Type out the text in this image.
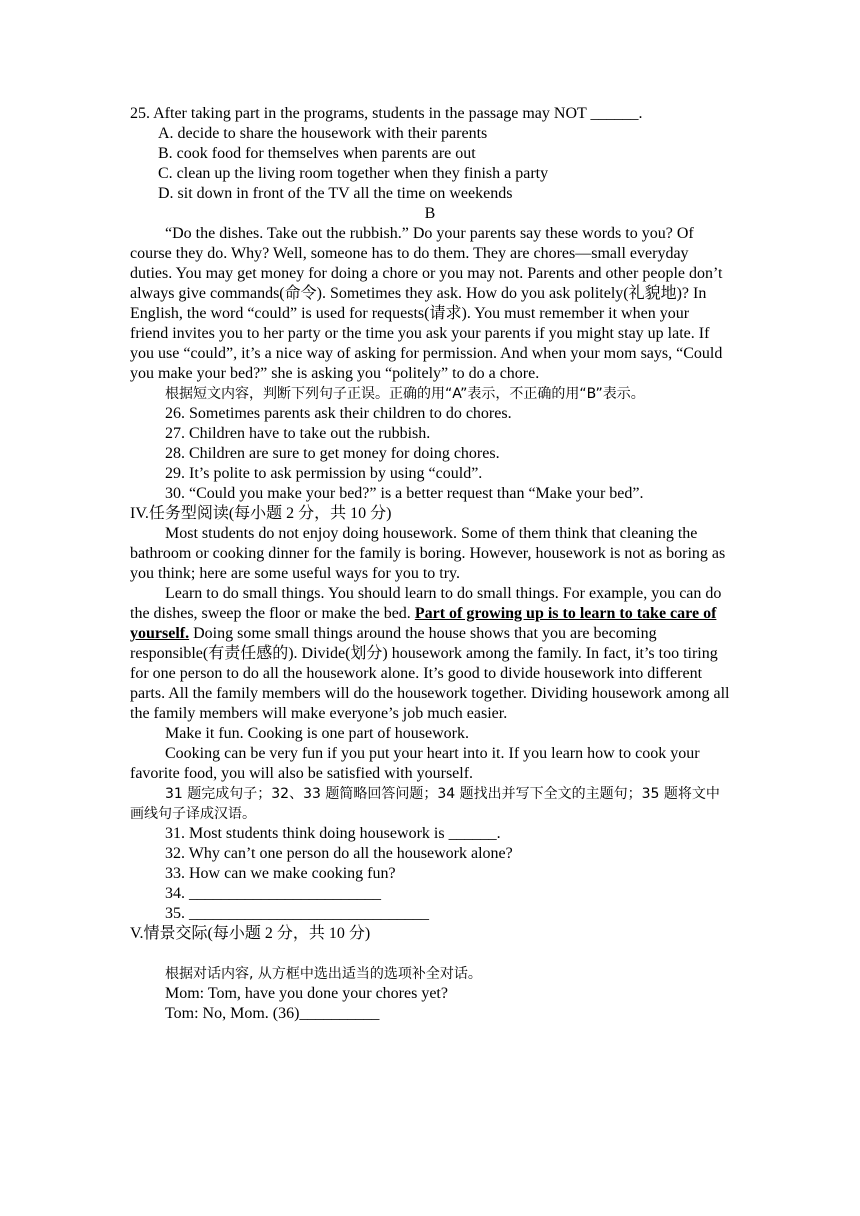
25. After taking part in the programs, students in the passage may NOT ______.
A. decide to share the housework with their parents
B. cook food for themselves when parents are out
C. clean up the living room together when they finish a party
D. sit down in front of the TV all the time on weekends
B
“Do the dishes. Take out the rubbish.” Do your parents say these words to you? Of course they do. Why? Well, someone has to do them. They are chores—small everyday duties. You may get money for doing a chore or you may not. Parents and other people don’t always give commands(命令). Sometimes they ask. How do you ask politely(礼貌地)? In English, the word “could” is used for requests(请求). You must remember it when your friend invites you to her party or the time you ask your parents if you might stay up late. If you use “could”, it’s a nice way of asking for permission. And when your mom says, “Could you make your bed?” she is asking you “politely” to do a chore.
根据短文内容，判断下列句子正误。正确的用“A”表示，不正确的用“B”表示。
26. Sometimes parents ask their children to do chores.
27. Children have to take out the rubbish.
28. Children are sure to get money for doing chores.
29. It’s polite to ask permission by using “could”.
30. “Could you make your bed?” is a better request than “Make your bed”.
IV.任务型阅读(每小题 2 分，共 10 分)
Most students do not enjoy doing housework. Some of them think that cleaning the bathroom or cooking dinner for the family is boring. However, housework is not as boring as you think; here are some useful ways for you to try.
Learn to do small things. You should learn to do small things. For example, you can do the dishes, sweep the floor or make the bed. Part of growing up is to learn to take care of yourself. Doing some small things around the house shows that you are becoming responsible(有责任感的). Divide(划分) housework among the family. In fact, it’s too tiring for one person to do all the housework alone. It’s good to divide housework into different parts. All the family members will do the housework together. Dividing housework among all the family members will make everyone’s job much easier.
Make it fun. Cooking is one part of housework.
Cooking can be very fun if you put your heart into it. If you learn how to cook your favorite food, you will also be satisfied with yourself.
31 题完成句子；32、33 题简略回答问题；34 题找出并写下全文的主题句；35 题将文中画线句子译成汉语。
31. Most students think doing housework is ______.
32. Why can’t one person do all the housework alone?
33. How can we make cooking fun?
34. ________________________
35. ______________________________
V.情景交际(每小题 2 分，共 10 分)
根据对话内容, 从方框中选出适当的选项补全对话。
Mom: Tom, have you done your chores yet?
Tom: No, Mom. (36)__________
